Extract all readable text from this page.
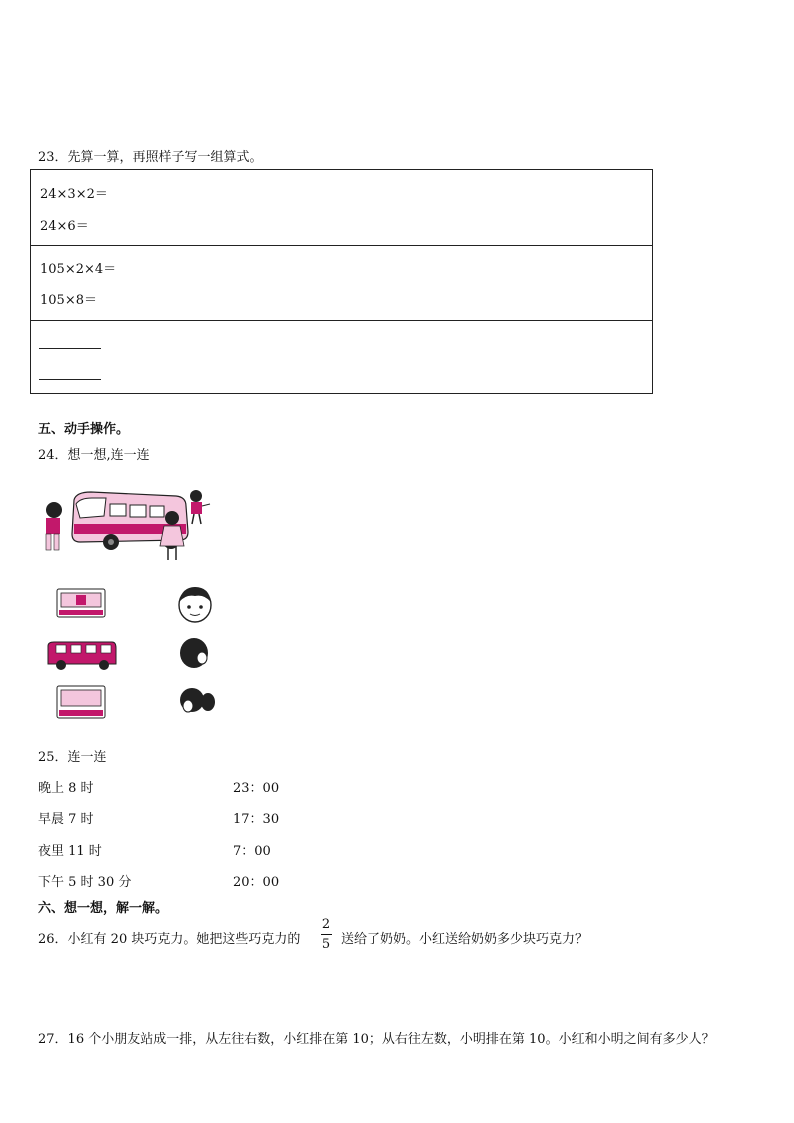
23．先算一算，再照样子写一组算式。
24×3×2＝
24×6＝
105×2×4＝
105×8＝
五、动手操作。
24．想一想,连一连
25．连一连
晚上 8 时	23：00
早晨 7 时	17：30
夜里 11 时	7：00
下午 5 时 30 分	20：00
六、想一想，解一解。
26．小红有 20 块巧克力。她把这些巧克力的
2
5 送给了奶奶。小红送给奶奶多少块巧克力？
27．16 个小朋友站成一排，从左往右数，小红排在第 10；从右往左数，小明排在第 10。小红和小明之间有多少人？
